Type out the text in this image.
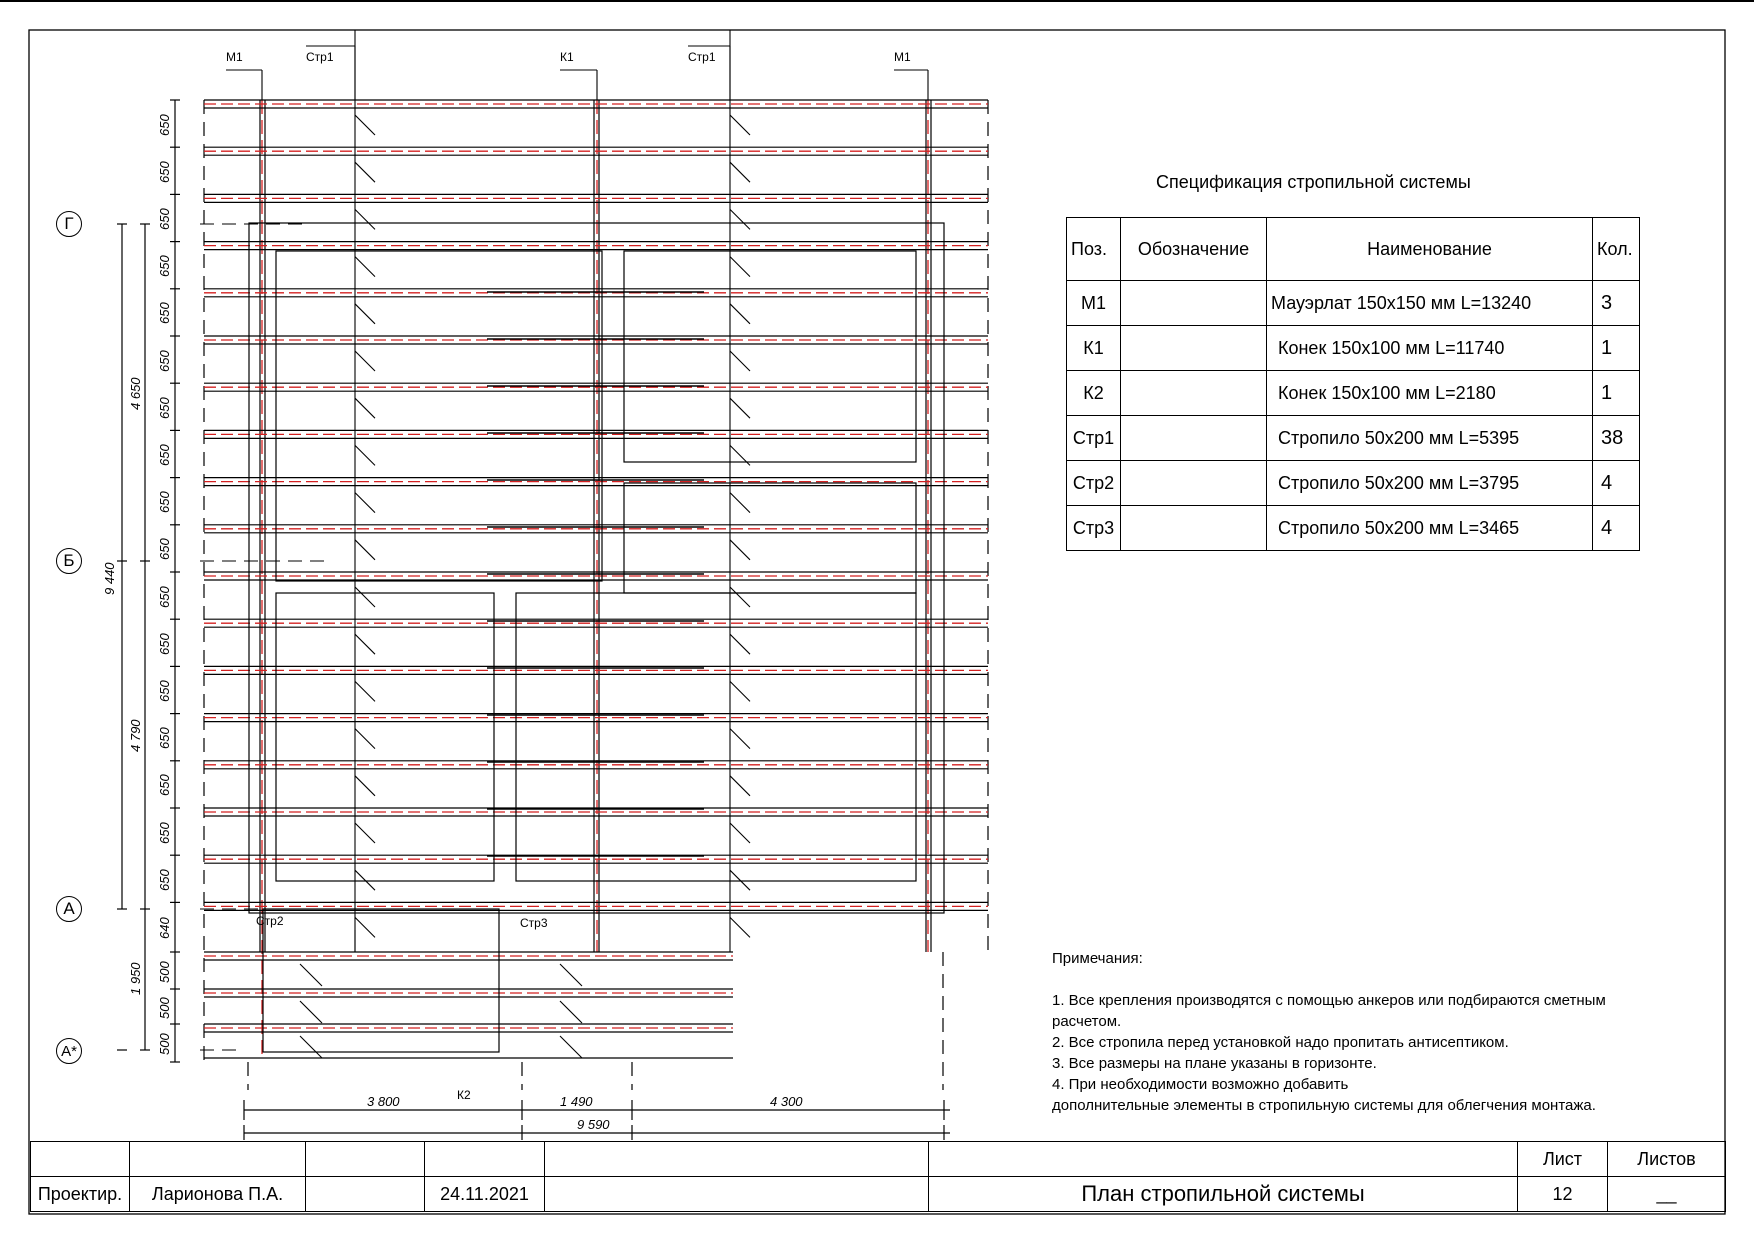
М1	Стр1	К1	Стр1	М1
Стр2	Стр3
К2
Г
Б
А
А*
650
650
650
650
650
650
650
650
650
650
650
650
650
650
650
650
650
640
500
500
500
4 650
4 790
1 950
9 440
3 800	1 490	4 300
9 590
Спецификация стропильной системы
Поз.	Обозначение	Наименование	Кол.
М1		Мауэрлат 150х150 мм L=13240	3
К1		Конек 150х100 мм L=11740	1
К2		Конек 150х100 мм L=2180	1
Стр1		Стропило 50х200 мм L=5395	38
Стр2		Стропило 50х200 мм L=3795	4
Стр3		Стропило 50х200 мм L=3465	4
Примечания:
1. Все крепления производятся с помощью анкеров или подбираются сметным
расчетом.
2. Все стропила перед установкой надо пропитать антисептиком.
3. Все размеры на плане указаны в горизонте.
4. При необходимости возможно добавить
дополнительные элементы в стропильную системы для облегчения монтажа.
						Лист	Листов
Проектир.	Ларионова П.А.		24.11.2021		План стропильной системы	12	__
